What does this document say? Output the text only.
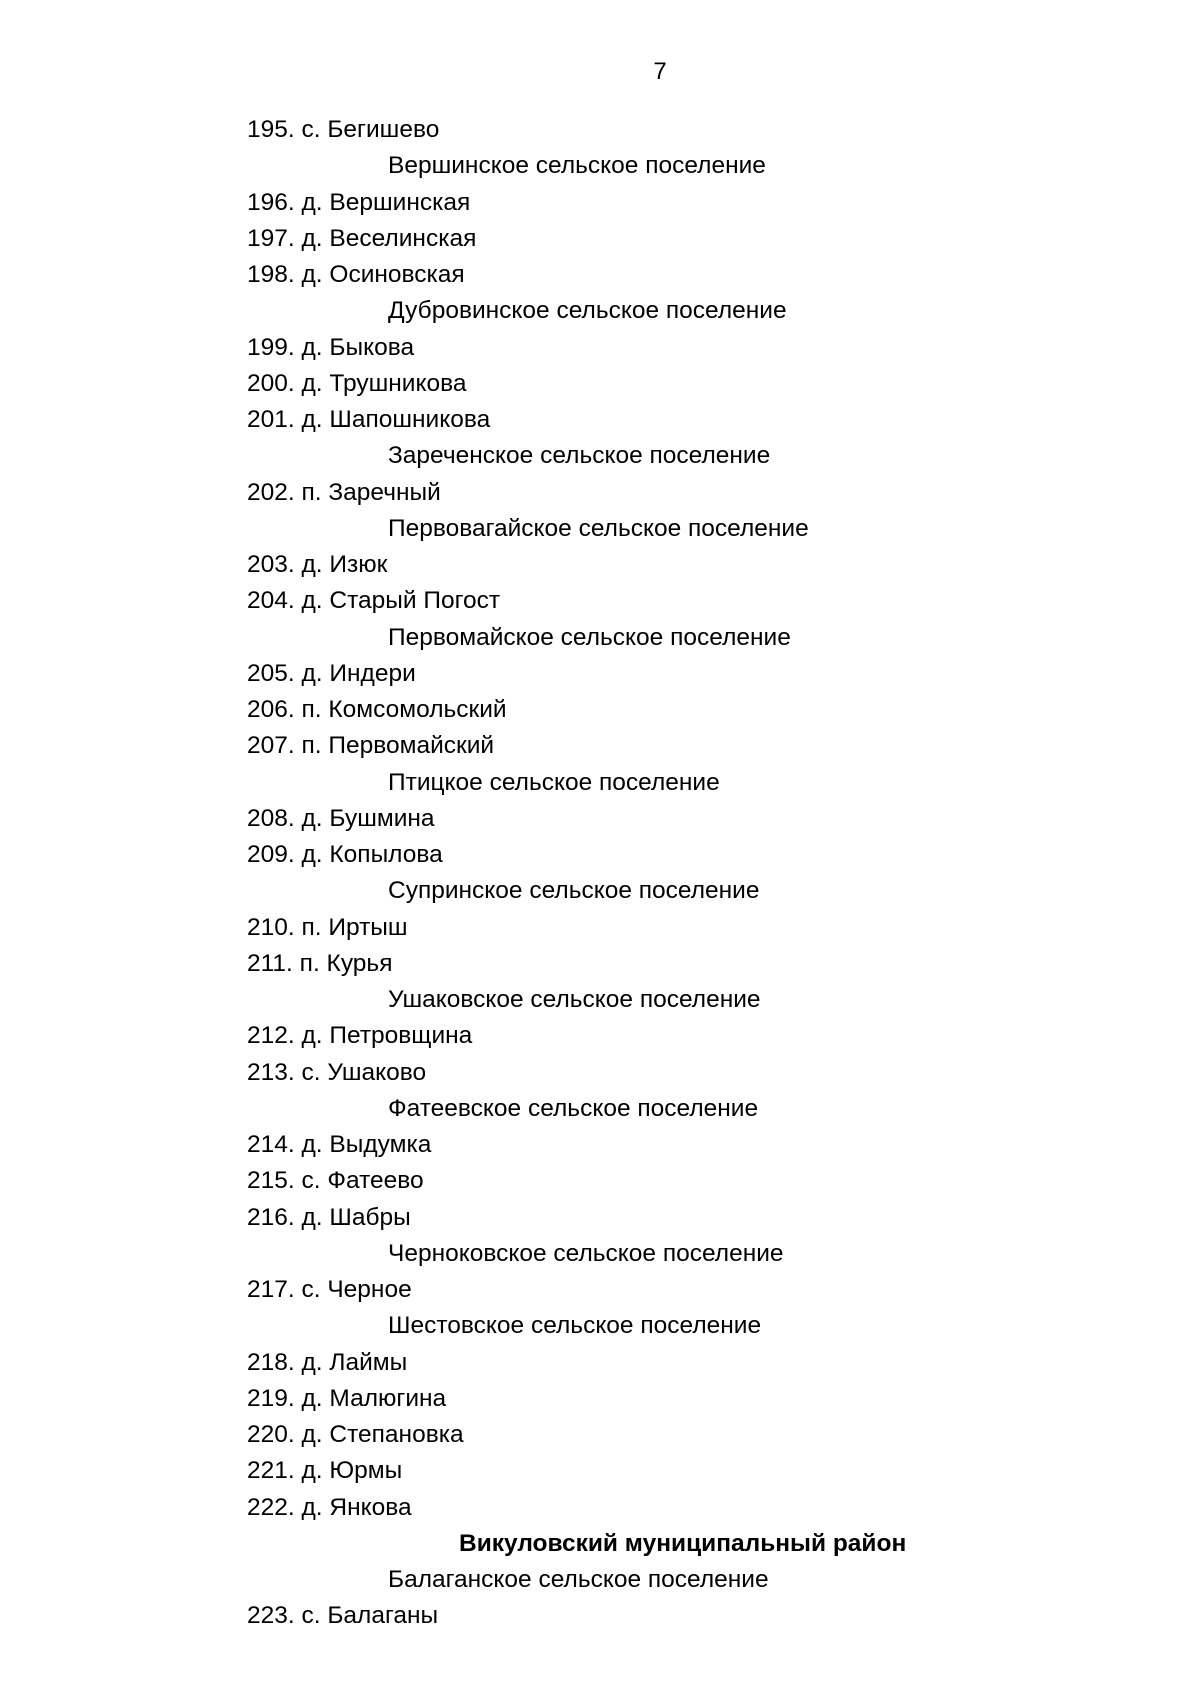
7
195. с. Бегишево
Вершинское сельское поселение
196. д. Вершинская
197. д. Веселинская
198. д. Осиновская
Дубровинское сельское поселение
199. д. Быкова
200. д. Трушникова
201. д. Шапошникова
Зареченское сельское поселение
202. п. Заречный
Первовагайское сельское поселение
203. д. Изюк
204. д. Старый Погост
Первомайское сельское поселение
205. д. Индери
206. п. Комсомольский
207. п. Первомайский
Птицкое сельское поселение
208. д. Бушмина
209. д. Копылова
Супринское сельское поселение
210. п. Иртыш
211. п. Курья
Ушаковское сельское поселение
212. д. Петровщина
213. с. Ушаково
Фатеевское сельское поселение
214. д. Выдумка
215. с. Фатеево
216. д. Шабры
Черноковское сельское поселение
217. с. Черное
Шестовское сельское поселение
218. д. Лаймы
219. д. Малюгина
220. д. Степановка
221. д. Юрмы
222. д. Янкова
Викуловский муниципальный район
Балаганское сельское поселение
223. с. Балаганы
